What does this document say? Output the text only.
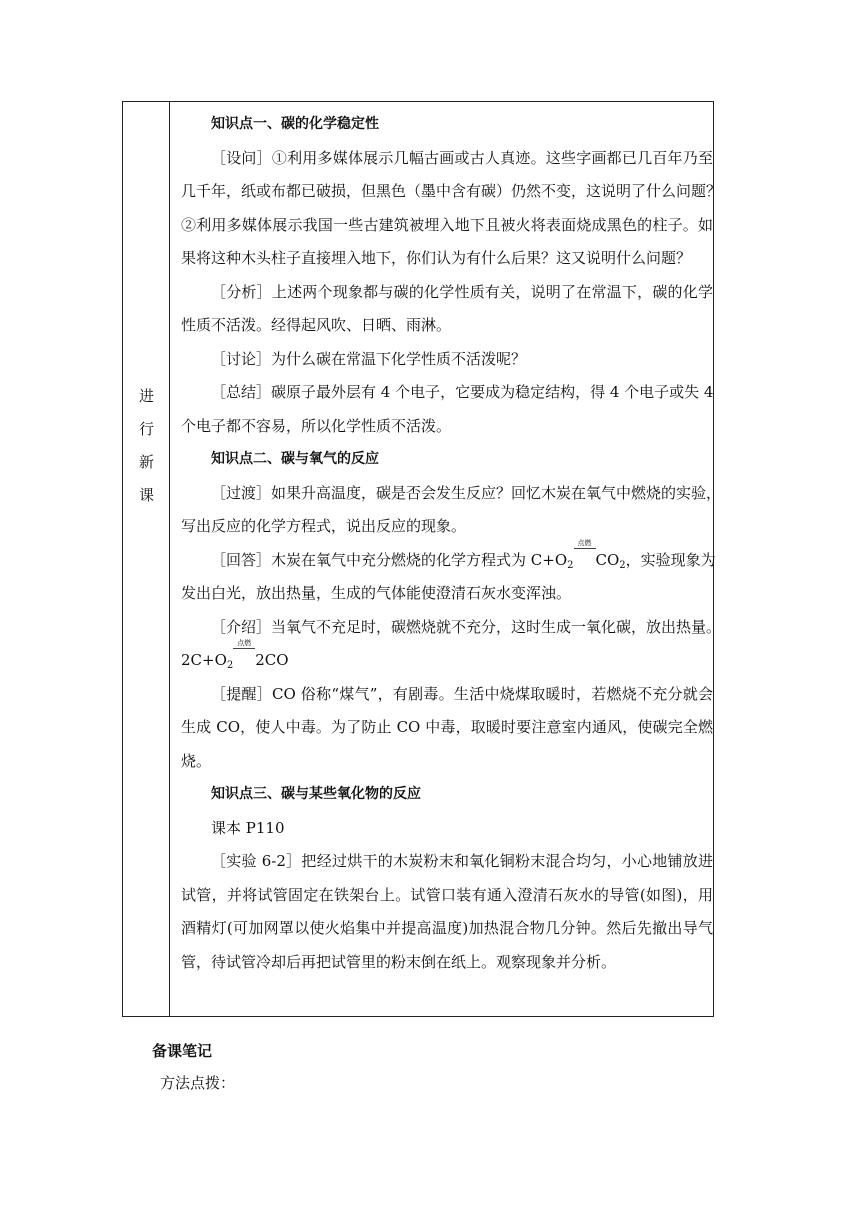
进
行
新
课
知识点一、碳的化学稳定性
［设问］①利用多媒体展示几幅古画或古人真迹。这些字画都已几百年乃至
几千年，纸或布都已破损，但黑色（墨中含有碳）仍然不变，这说明了什么问题？
②利用多媒体展示我国一些古建筑被埋入地下且被火将表面烧成黑色的柱子。如
果将这种木头柱子直接埋入地下，你们认为有什么后果？这又说明什么问题？
［分析］上述两个现象都与碳的化学性质有关，说明了在常温下，碳的化学
性质不活泼。经得起风吹、日晒、雨淋。
［讨论］为什么碳在常温下化学性质不活泼呢？
［总结］碳原子最外层有 4 个电子，它要成为稳定结构，得 4 个电子或失 4
个电子都不容易，所以化学性质不活泼。
知识点二、碳与氧气的反应
［过渡］如果升高温度，碳是否会发生反应？回忆木炭在氧气中燃烧的实验，
写出反应的化学方程式，说出反应的现象。
［回答］木炭在氧气中充分燃烧的化学方程式为 $C+O_2$
点燃

$CO_2$，实验现象为
发出白光，放出热量，生成的气体能使澄清石灰水变浑浊。
［介绍］当氧气不充足时，碳燃烧就不充分，这时生成一氧化碳，放出热量。
$2C+O_2$
点燃

2CO
［提醒］CO 俗称“煤气”，有剧毒。生活中烧煤取暖时，若燃烧不充分就会
生成 CO，使人中毒。为了防止 CO 中毒，取暖时要注意室内通风，使碳完全燃
烧。
知识点三、碳与某些氧化物的反应
课本 P110
［实验 6-2］把经过烘干的木炭粉末和氧化铜粉末混合均匀，小心地铺放进
试管，并将试管固定在铁架台上。试管口装有通入澄清石灰水的导管(如图)，用
酒精灯(可加网罩以使火焰集中并提高温度)加热混合物几分钟。然后先撤出导气
管，待试管冷却后再把试管里的粉末倒在纸上。观察现象并分析。
备课笔记
方法点拨：
